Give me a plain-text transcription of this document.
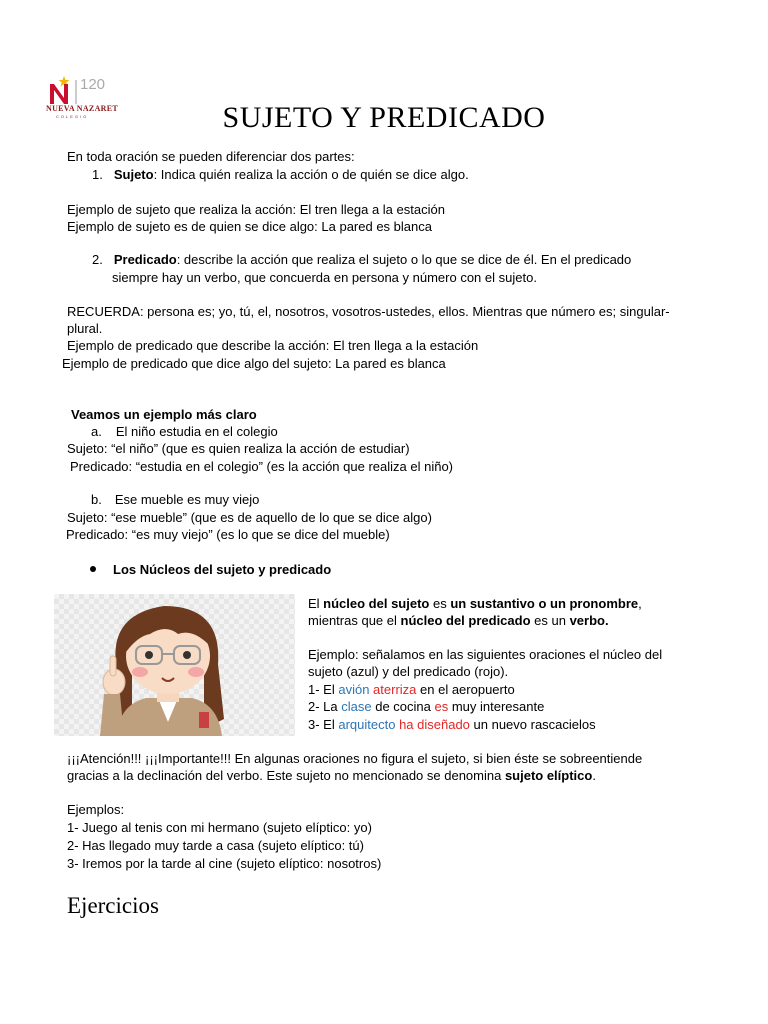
120
NUEVA NAZARET
COLEGIO	SUJETO Y PREDICADO
En toda oración se pueden diferenciar dos partes:
1. Sujeto: Indica quién realiza la acción o de quién se dice algo.
Ejemplo de sujeto que realiza la acción: El tren llega a la estación
Ejemplo de sujeto es de quien se dice algo: La pared es blanca
2. Predicado: describe la acción que realiza el sujeto o lo que se dice de él. En el predicado
siempre hay un verbo, que concuerda en persona y número con el sujeto.
RECUERDA: persona es; yo, tú, el, nosotros, vosotros-ustedes, ellos. Mientras que número es; singular-
plural.
Ejemplo de predicado que describe la acción: El tren llega a la estación
Ejemplo de predicado que dice algo del sujeto: La pared es blanca
Veamos un ejemplo más claro
a. El niño estudia en el colegio
Sujeto: “el niño” (que es quien realiza la acción de estudiar)
Predicado: “estudia en el colegio” (es la acción que realiza el niño)
b. Ese mueble es muy viejo
Sujeto: “ese mueble” (que es de aquello de lo que se dice algo)
Predicado: “es muy viejo” (es lo que se dice del mueble)
Los Núcleos del sujeto y predicado
El núcleo del sujeto es un sustantivo o un pronombre,
mientras que el núcleo del predicado es un verbo.
Ejemplo: señalamos en las siguientes oraciones el núcleo del
sujeto (azul) y del predicado (rojo).
1- El avión aterriza en el aeropuerto
2- La clase de cocina es muy interesante
3- El arquitecto ha diseñado un nuevo rascacielos
¡¡¡Atención!!! ¡¡¡Importante!!! En algunas oraciones no figura el sujeto, si bien éste se sobreentiende
gracias a la declinación del verbo. Este sujeto no mencionado se denomina sujeto elíptico.
Ejemplos:
1- Juego al tenis con mi hermano (sujeto elíptico: yo)
2- Has llegado muy tarde a casa (sujeto elíptico: tú)
3- Iremos por la tarde al cine (sujeto elíptico: nosotros)
Ejercicios
